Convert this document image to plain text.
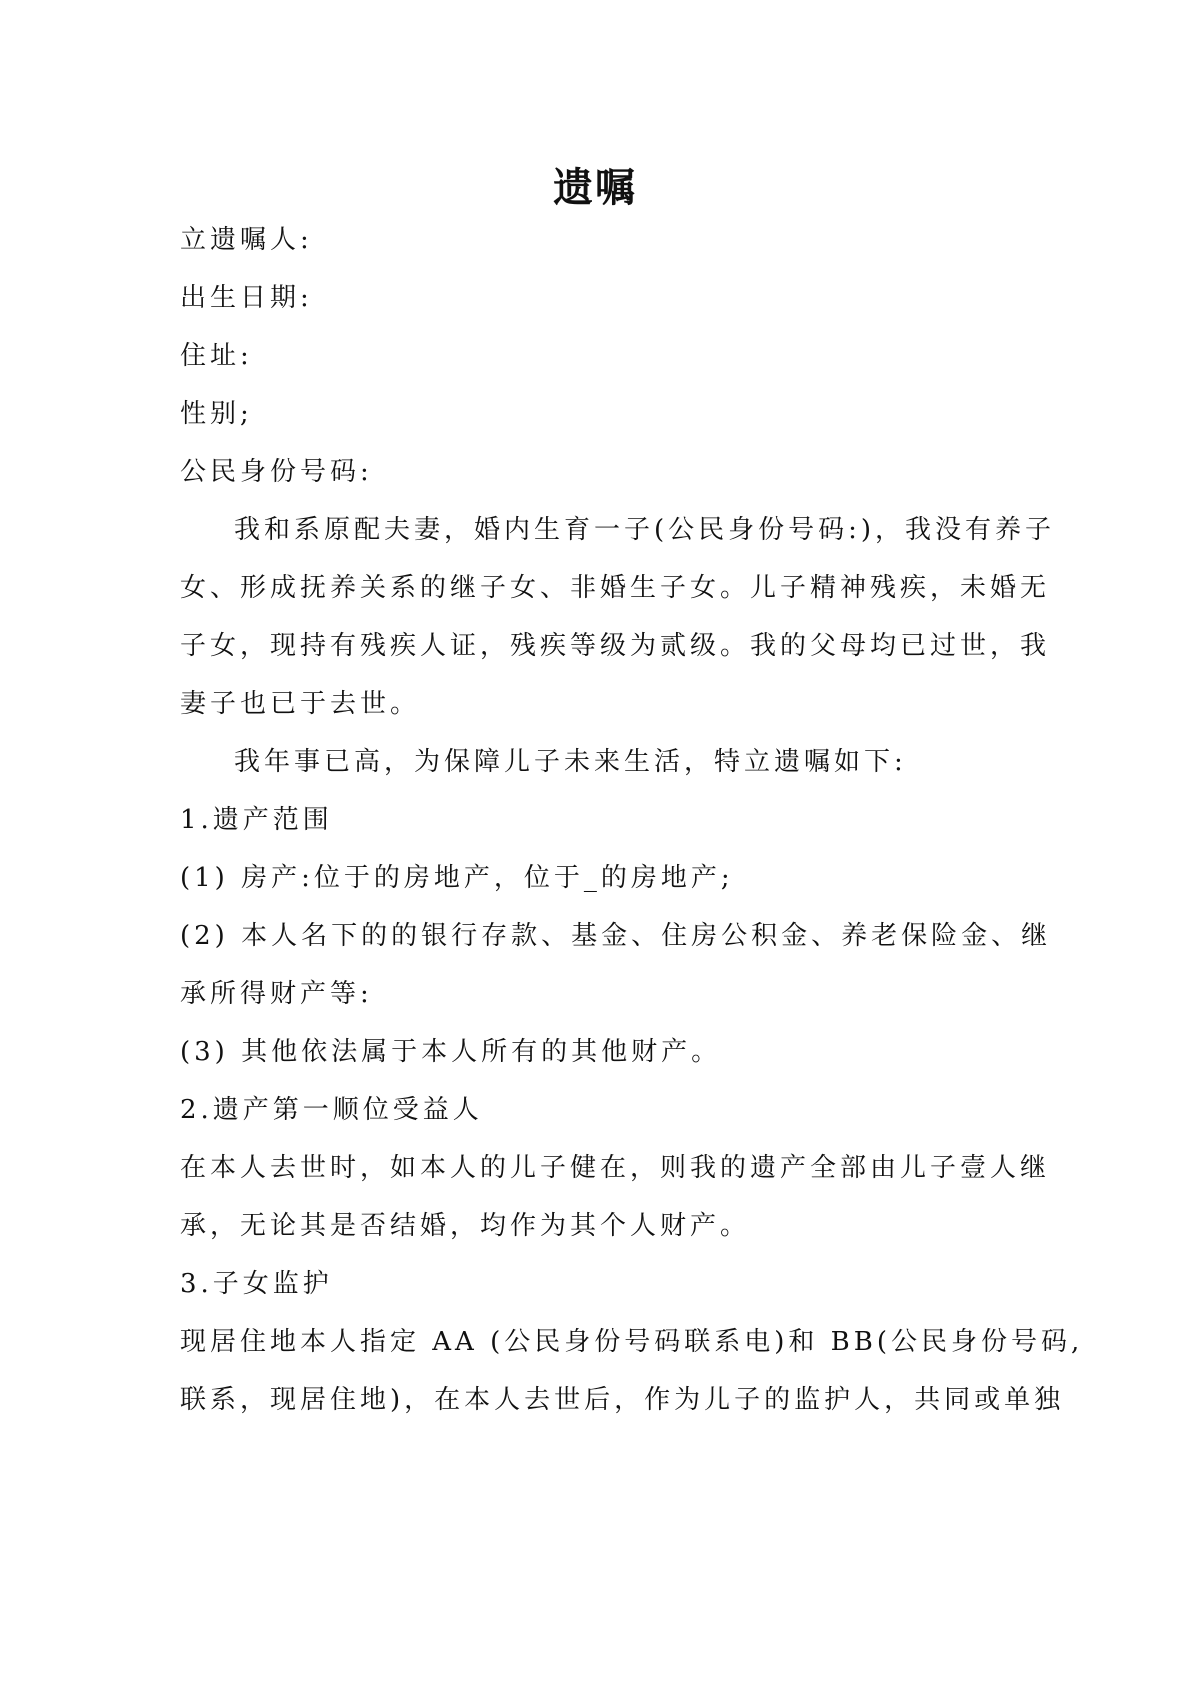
遗嘱
立遗嘱人:
出生日期:
住址:
性别;
公民身份号码:
我和系原配夫妻，婚内生育一子(公民身份号码:)，我没有养子
女、形成抚养关系的继子女、非婚生子女。儿子精神残疾，未婚无
子女，现持有残疾人证，残疾等级为贰级。我的父母均已过世，我
妻子也已于去世。
我年事已高，为保障儿子未来生活，特立遗嘱如下:
1.遗产范围
(1) 房产:位于的房地产，位于_的房地产;
(2) 本人名下的的银行存款、基金、住房公积金、养老保险金、继
承所得财产等:
(3) 其他依法属于本人所有的其他财产。
2.遗产第一顺位受益人
在本人去世时，如本人的儿子健在，则我的遗产全部由儿子壹人继
承，无论其是否结婚，均作为其个人财产。
3.子女监护
现居住地本人指定 AA (公民身份号码联系电)和 BB(公民身份号码,
联系，现居住地)，在本人去世后，作为儿子的监护人，共同或单独
